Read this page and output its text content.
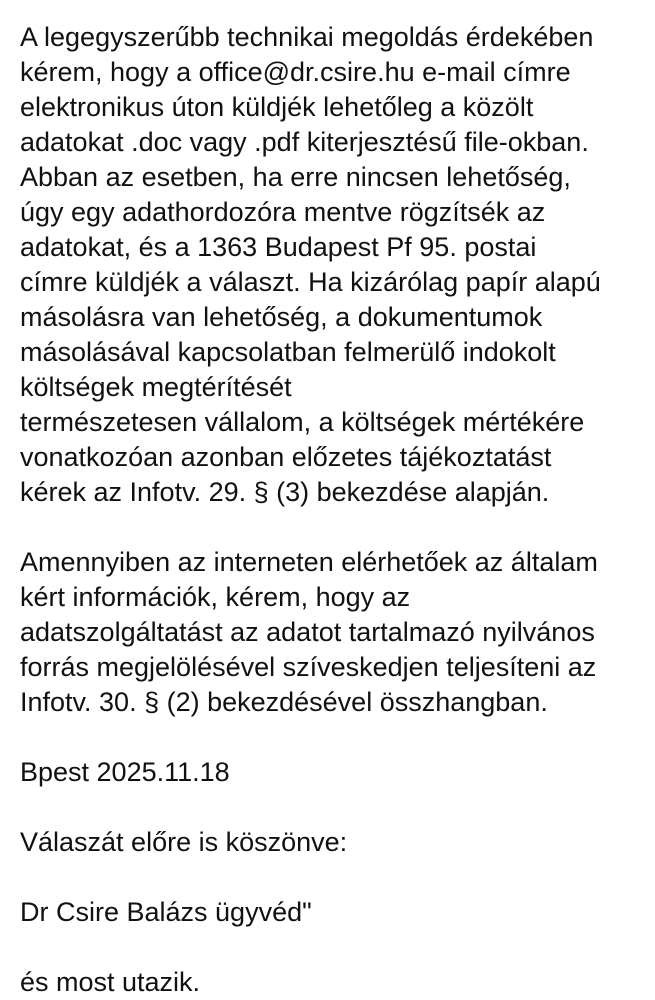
A legegyszerűbb technikai megoldás érdekében
kérem, hogy a office@dr.csire.hu e-mail címre
elektronikus úton küldjék lehetőleg a közölt
adatokat .doc vagy .pdf kiterjesztésű file-okban.
Abban az esetben, ha erre nincsen lehetőség,
úgy egy adathordozóra mentve rögzítsék az
adatokat, és a 1363 Budapest Pf 95. postai
címre küldjék a választ. Ha kizárólag papír alapú
másolásra van lehetőség, a dokumentumok
másolásával kapcsolatban felmerülő indokolt
költségek megtérítését
természetesen vállalom, a költségek mértékére
vonatkozóan azonban előzetes tájékoztatást
kérek az Infotv. 29. § (3) bekezdése alapján.
Amennyiben az interneten elérhetőek az általam
kért információk, kérem, hogy az
adatszolgáltatást az adatot tartalmazó nyilvános
forrás megjelölésével szíveskedjen teljesíteni az
Infotv. 30. § (2) bekezdésével összhangban.
Bpest 2025.11.18
Válaszát előre is köszönve:
Dr Csire Balázs ügyvéd"
és most utazik.
